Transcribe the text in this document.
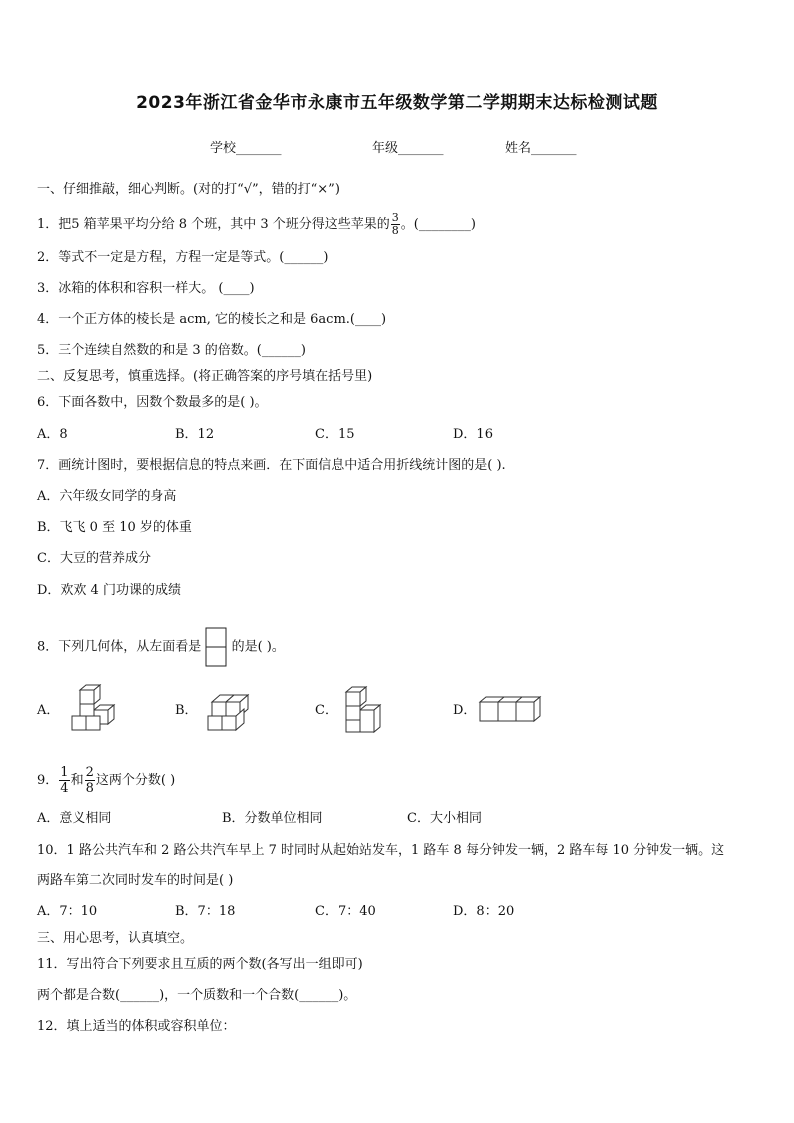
2023年浙江省金华市永康市五年级数学第二学期期末达标检测试题
学校_______	年级_______	姓名_______
一、仔细推敲，细心判断。(对的打“√”，错的打“×”)
1．把5 箱苹果平均分给 8 个班，其中 3 个班分得这些苹果的 $\frac{3}{8}$ 。(________)
2．等式不一定是方程，方程一定是等式。(______)
3．冰箱的体积和容积一样大。 (____)
4．一个正方体的棱长是 acm, 它的棱长之和是 6acm.(____)
5．三个连续自然数的和是 3 的倍数。(______)
二、反复思考，慎重选择。(将正确答案的序号填在括号里)
6．下面各数中，因数个数最多的是( )。
A．8	B．12	C．15	D．16
7．画统计图时，要根据信息的特点来画．在下面信息中适合用折线统计图的是( ).
A．六年级女同学的身高
B．飞飞 0 至 10 岁的体重
C．大豆的营养成分
D．欢欢 4 门功课的成绩
8．下列几何体，从左面看是 的是( )。
A．	B．	C．	D．
9． $\frac{1}{4}$ 和 $\frac{2}{8}$ 这两个分数( )
A．意义相同	B．分数单位相同	C．大小相同
10．1 路公共汽车和 2 路公共汽车早上 7 时同时从起始站发车，1 路车 8 每分钟发一辆，2 路车每 10 分钟发一辆。这
两路车第二次同时发车的时间是( )
A．7：10	B．7：18	C．7：40	D．8：20
三、用心思考，认真填空。
11．写出符合下列要求且互质的两个数(各写出一组即可)
两个都是合数(______)，一个质数和一个合数(______)。
12．填上适当的体积或容积单位：
